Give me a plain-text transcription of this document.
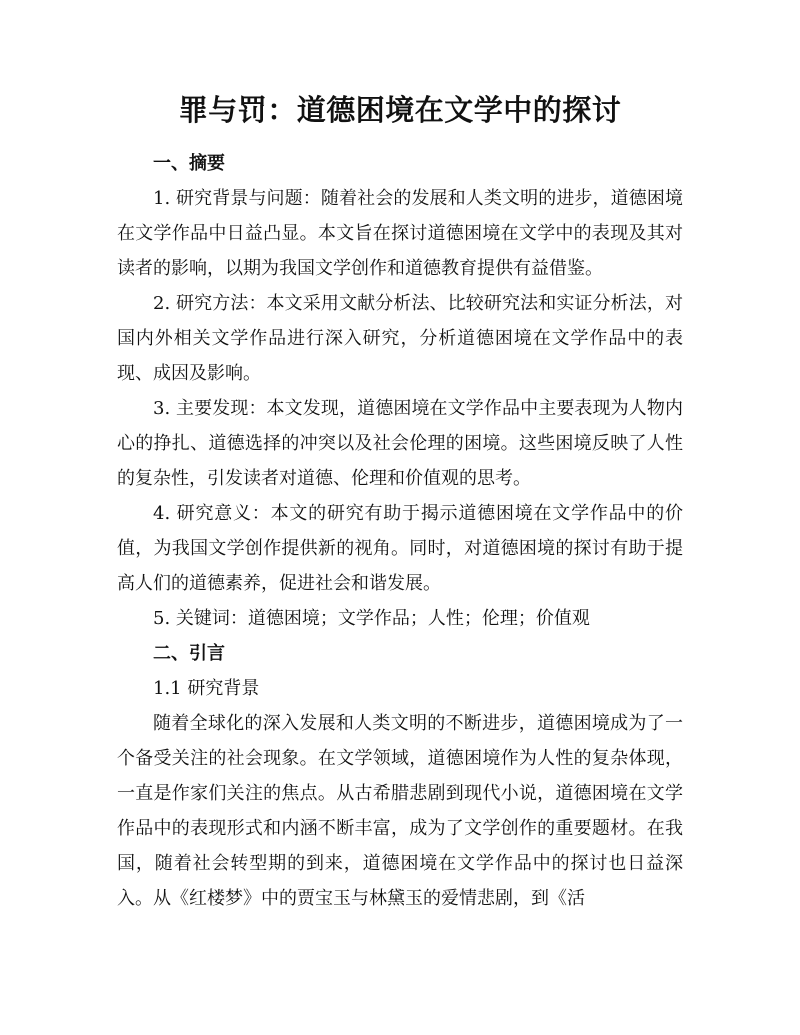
罪与罚：道德困境在文学中的探讨

一、摘要

1. 研究背景与问题：随着社会的发展和人类文明的进步，道德困境在文学作品中日益凸显。本文旨在探讨道德困境在文学中的表现及其对读者的影响，以期为我国文学创作和道德教育提供有益借鉴。

2. 研究方法：本文采用文献分析法、比较研究法和实证分析法，对国内外相关文学作品进行深入研究，分析道德困境在文学作品中的表现、成因及影响。

3. 主要发现：本文发现，道德困境在文学作品中主要表现为人物内心的挣扎、道德选择的冲突以及社会伦理的困境。这些困境反映了人性的复杂性，引发读者对道德、伦理和价值观的思考。

4. 研究意义：本文的研究有助于揭示道德困境在文学作品中的价值，为我国文学创作提供新的视角。同时，对道德困境的探讨有助于提高人们的道德素养，促进社会和谐发展。

5. 关键词：道德困境；文学作品；人性；伦理；价值观

二、引言

1.1 研究背景

随着全球化的深入发展和人类文明的不断进步，道德困境成为了一个备受关注的社会现象。在文学领域，道德困境作为人性的复杂体现，一直是作家们关注的焦点。从古希腊悲剧到现代小说，道德困境在文学作品中的表现形式和内涵不断丰富，成为了文学创作的重要题材。在我国，随着社会转型期的到来，道德困境在文学作品中的探讨也日益深入。从《红楼梦》中的贾宝玉与林黛玉的爱情悲剧，到《活
